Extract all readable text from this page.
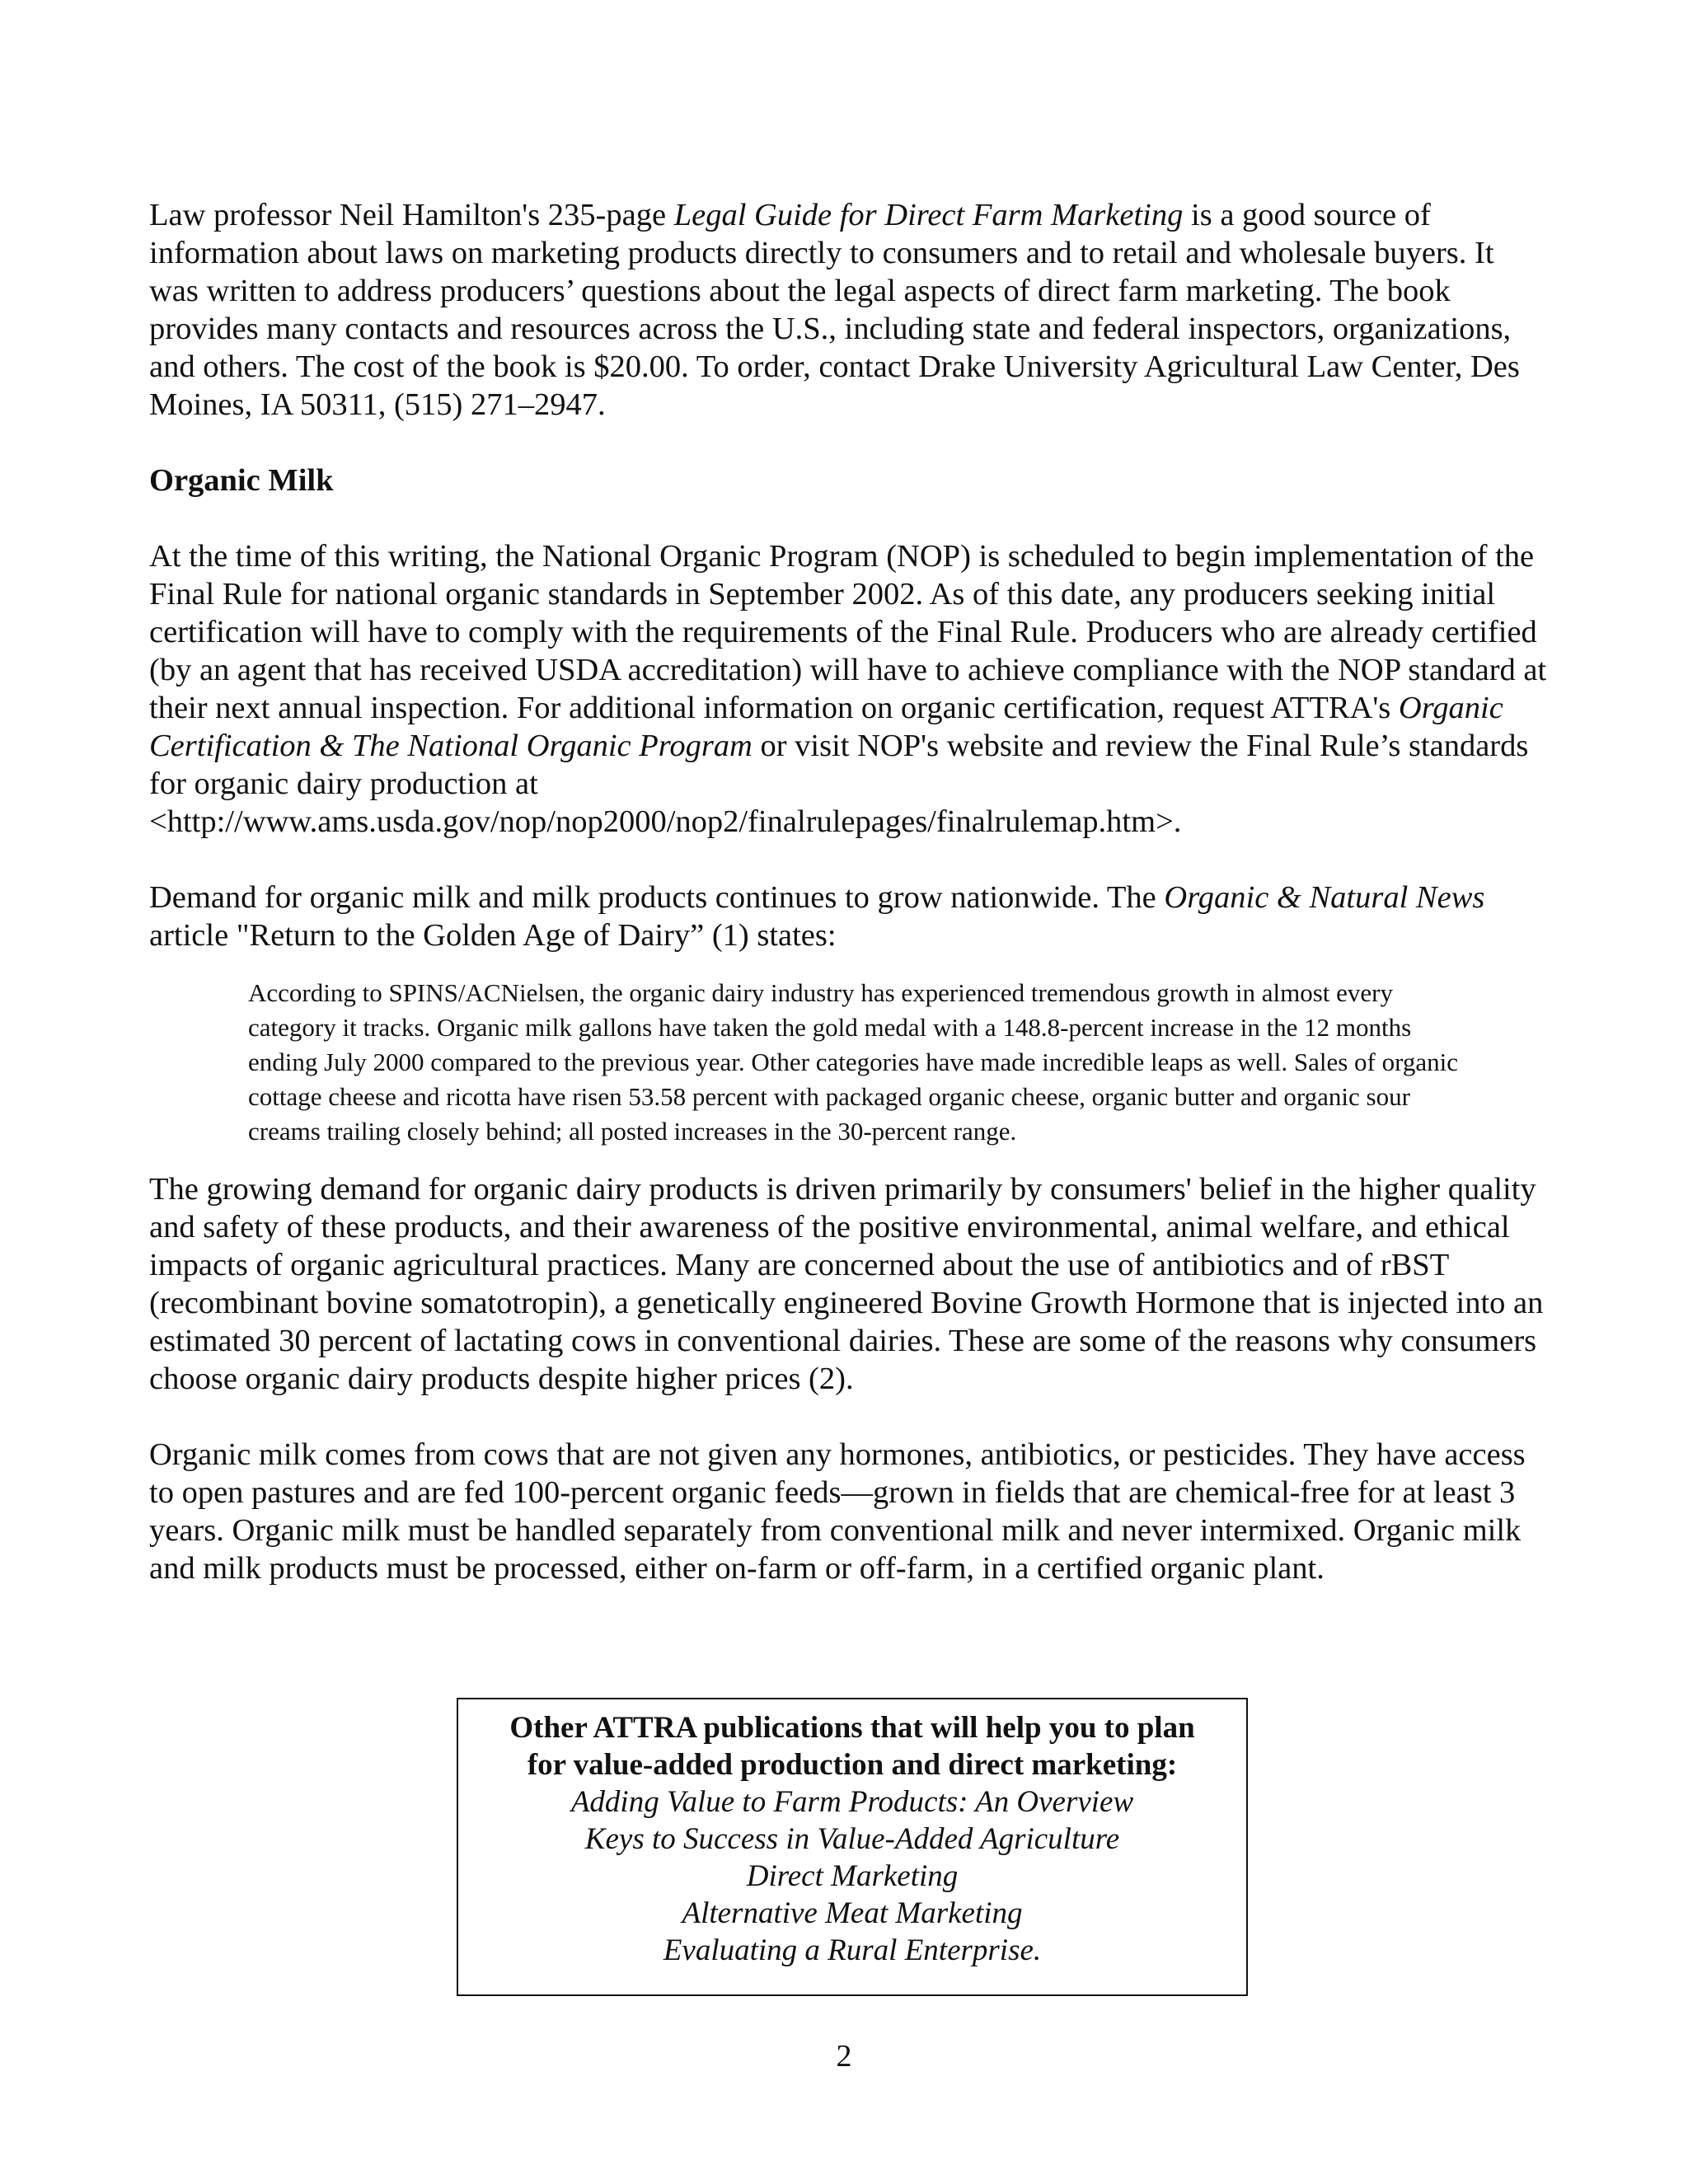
Law professor Neil Hamilton's 235-page Legal Guide for Direct Farm Marketing is a good source of information about laws on marketing products directly to consumers and to retail and wholesale buyers. It was written to address producers’ questions about the legal aspects of direct farm marketing. The book provides many contacts and resources across the U.S., including state and federal inspectors, organizations, and others. The cost of the book is $20.00. To order, contact Drake University Agricultural Law Center, Des Moines, IA 50311, (515) 271–2947.

Organic Milk

At the time of this writing, the National Organic Program (NOP) is scheduled to begin implementation of the Final Rule for national organic standards in September 2002. As of this date, any producers seeking initial certification will have to comply with the requirements of the Final Rule. Producers who are already certified (by an agent that has received USDA accreditation) will have to achieve compliance with the NOP standard at their next annual inspection. For additional information on organic certification, request ATTRA's Organic Certification & The National Organic Program or visit NOP's website and review the Final Rule’s standards for organic dairy production at
<http://www.ams.usda.gov/nop/nop2000/nop2/finalrulepages/finalrulemap.htm>.

Demand for organic milk and milk products continues to grow nationwide. The Organic & Natural News article "Return to the Golden Age of Dairy” (1) states:

According to SPINS/ACNielsen, the organic dairy industry has experienced tremendous growth in almost every category it tracks. Organic milk gallons have taken the gold medal with a 148.8-percent increase in the 12 months ending July 2000 compared to the previous year. Other categories have made incredible leaps as well. Sales of organic cottage cheese and ricotta have risen 53.58 percent with packaged organic cheese, organic butter and organic sour creams trailing closely behind; all posted increases in the 30-percent range.

The growing demand for organic dairy products is driven primarily by consumers' belief in the higher quality and safety of these products, and their awareness of the positive environmental, animal welfare, and ethical impacts of organic agricultural practices. Many are concerned about the use of antibiotics and of rBST (recombinant bovine somatotropin), a genetically engineered Bovine Growth Hormone that is injected into an estimated 30 percent of lactating cows in conventional dairies. These are some of the reasons why consumers choose organic dairy products despite higher prices (2).

Organic milk comes from cows that are not given any hormones, antibiotics, or pesticides. They have access to open pastures and are fed 100-percent organic feeds—grown in fields that are chemical-free for at least 3 years. Organic milk must be handled separately from conventional milk and never intermixed. Organic milk and milk products must be processed, either on-farm or off-farm, in a certified organic plant.

Other ATTRA publications that will help you to plan

for value-added production and direct marketing:

Adding Value to Farm Products: An Overview

Keys to Success in Value-Added Agriculture

Direct Marketing

Alternative Meat Marketing

Evaluating a Rural Enterprise.

2
